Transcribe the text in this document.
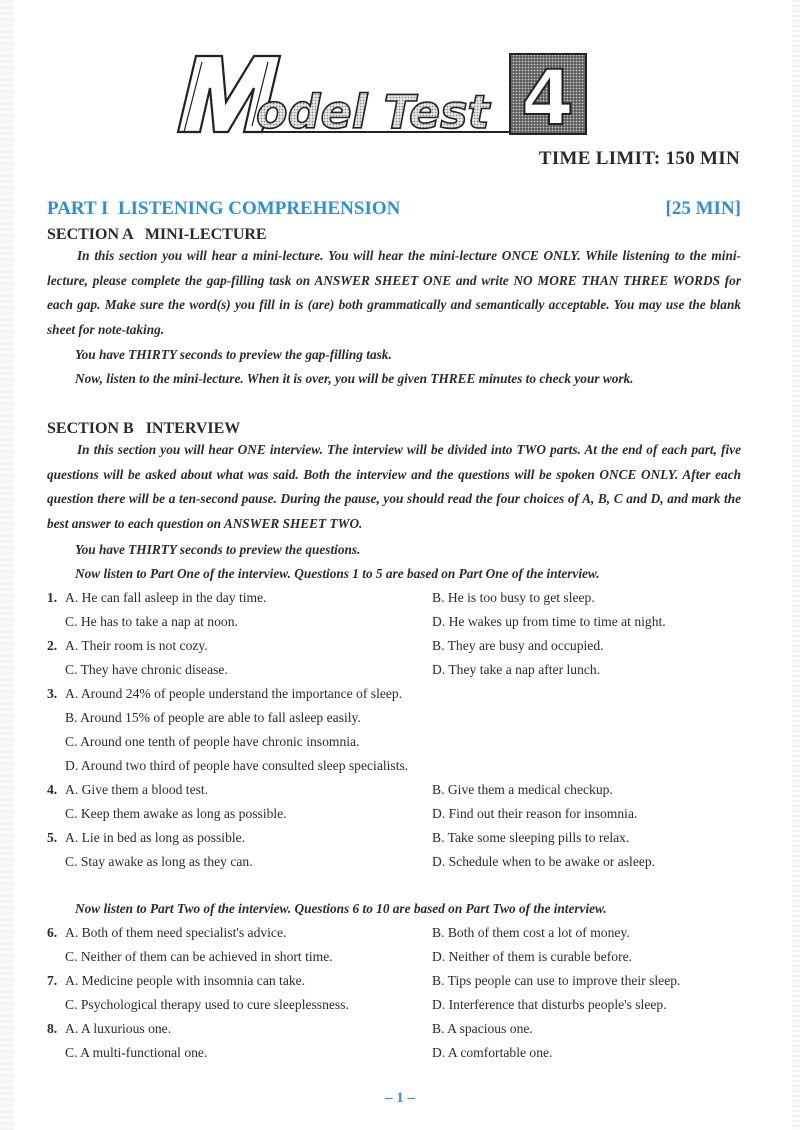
odel Test 4
TIME LIMIT: 150 MIN
PART I  LISTENING COMPREHENSION	[25 MIN]
SECTION A   MINI-LECTURE
In this section you will hear a mini-lecture. You will hear the mini-lecture ONCE ONLY. While listening to the mini-lecture, please complete the gap-filling task on ANSWER SHEET ONE and write NO MORE THAN THREE WORDS for each gap. Make sure the word(s) you fill in is (are) both grammatically and semantically acceptable. You may use the blank sheet for note-taking.
You have THIRTY seconds to preview the gap-filling task.
Now, listen to the mini-lecture. When it is over, you will be given THREE minutes to check your work.
SECTION B   INTERVIEW
In this section you will hear ONE interview. The interview will be divided into TWO parts. At the end of each part, five questions will be asked about what was said. Both the interview and the questions will be spoken ONCE ONLY. After each question there will be a ten-second pause. During the pause, you should read the four choices of A, B, C and D, and mark the best answer to each question on ANSWER SHEET TWO.
You have THIRTY seconds to preview the questions.
Now listen to Part One of the interview. Questions 1 to 5 are based on Part One of the interview.
1. A. He can fall asleep in the day time.	B. He is too busy to get sleep.
C. He has to take a nap at noon.	D. He wakes up from time to time at night.
2. A. Their room is not cozy.	B. They are busy and occupied.
C. They have chronic disease.	D. They take a nap after lunch.
3. A. Around 24% of people understand the importance of sleep.
B. Around 15% of people are able to fall asleep easily.
C. Around one tenth of people have chronic insomnia.
D. Around two third of people have consulted sleep specialists.
4. A. Give them a blood test.	B. Give them a medical checkup.
C. Keep them awake as long as possible.	D. Find out their reason for insomnia.
5. A. Lie in bed as long as possible.	B. Take some sleeping pills to relax.
C. Stay awake as long as they can.	D. Schedule when to be awake or asleep.
Now listen to Part Two of the interview. Questions 6 to 10 are based on Part Two of the interview.
6. A. Both of them need specialist's advice.	B. Both of them cost a lot of money.
C. Neither of them can be achieved in short time.	D. Neither of them is curable before.
7. A. Medicine people with insomnia can take.	B. Tips people can use to improve their sleep.
C. Psychological therapy used to cure sleeplessness.	D. Interference that disturbs people's sleep.
8. A. A luxurious one.	B. A spacious one.
C. A multi-functional one.	D. A comfortable one.
– 1 –
